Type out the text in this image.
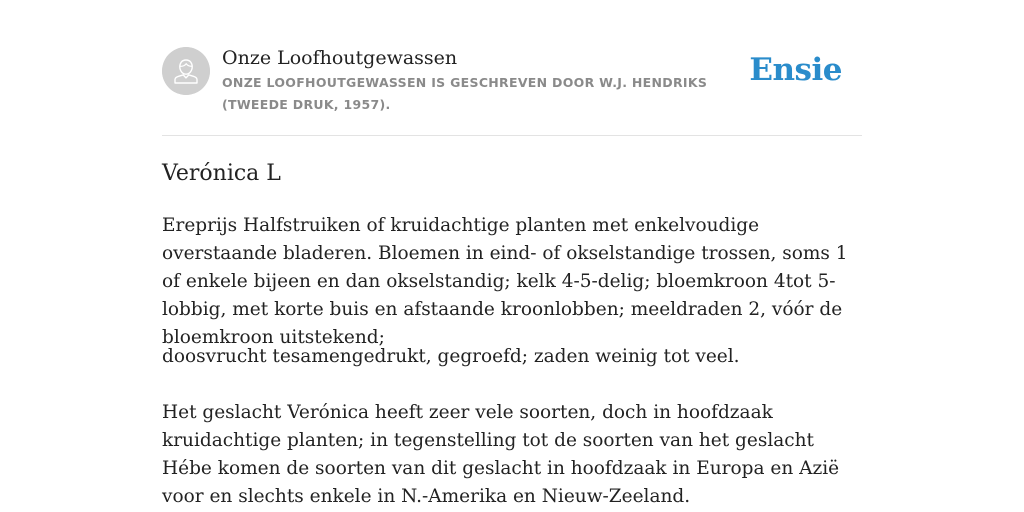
Onze Loofhoutgewassen

ONZE LOOFHOUTGEWASSEN IS GESCHREVEN DOOR W.J. HENDRIKS (TWEEDE DRUK, 1957).

Ensie
Verónica L

Ereprijs Halfstruiken of kruidachtige planten met enkelvoudige overstaande bladeren. Bloemen in eind- of okselstandige trossen, soms 1 of enkele bijeen en dan okselstandig; kelk 4-5-delig; bloemkroon 4tot 5-lobbig, met korte buis en afstaande kroonlobben; meeldraden 2, vóór de bloemkroon uitstekend;

doosvrucht tesamengedrukt, gegroefd; zaden weinig tot veel.

Het geslacht Verónica heeft zeer vele soorten, doch in hoofdzaak kruidachtige planten; in tegenstelling tot de soorten van het geslacht Hébe komen de soorten van dit geslacht in hoofdzaak in Europa en Azië voor en slechts enkele in N.-Amerika en Nieuw-Zeeland.
